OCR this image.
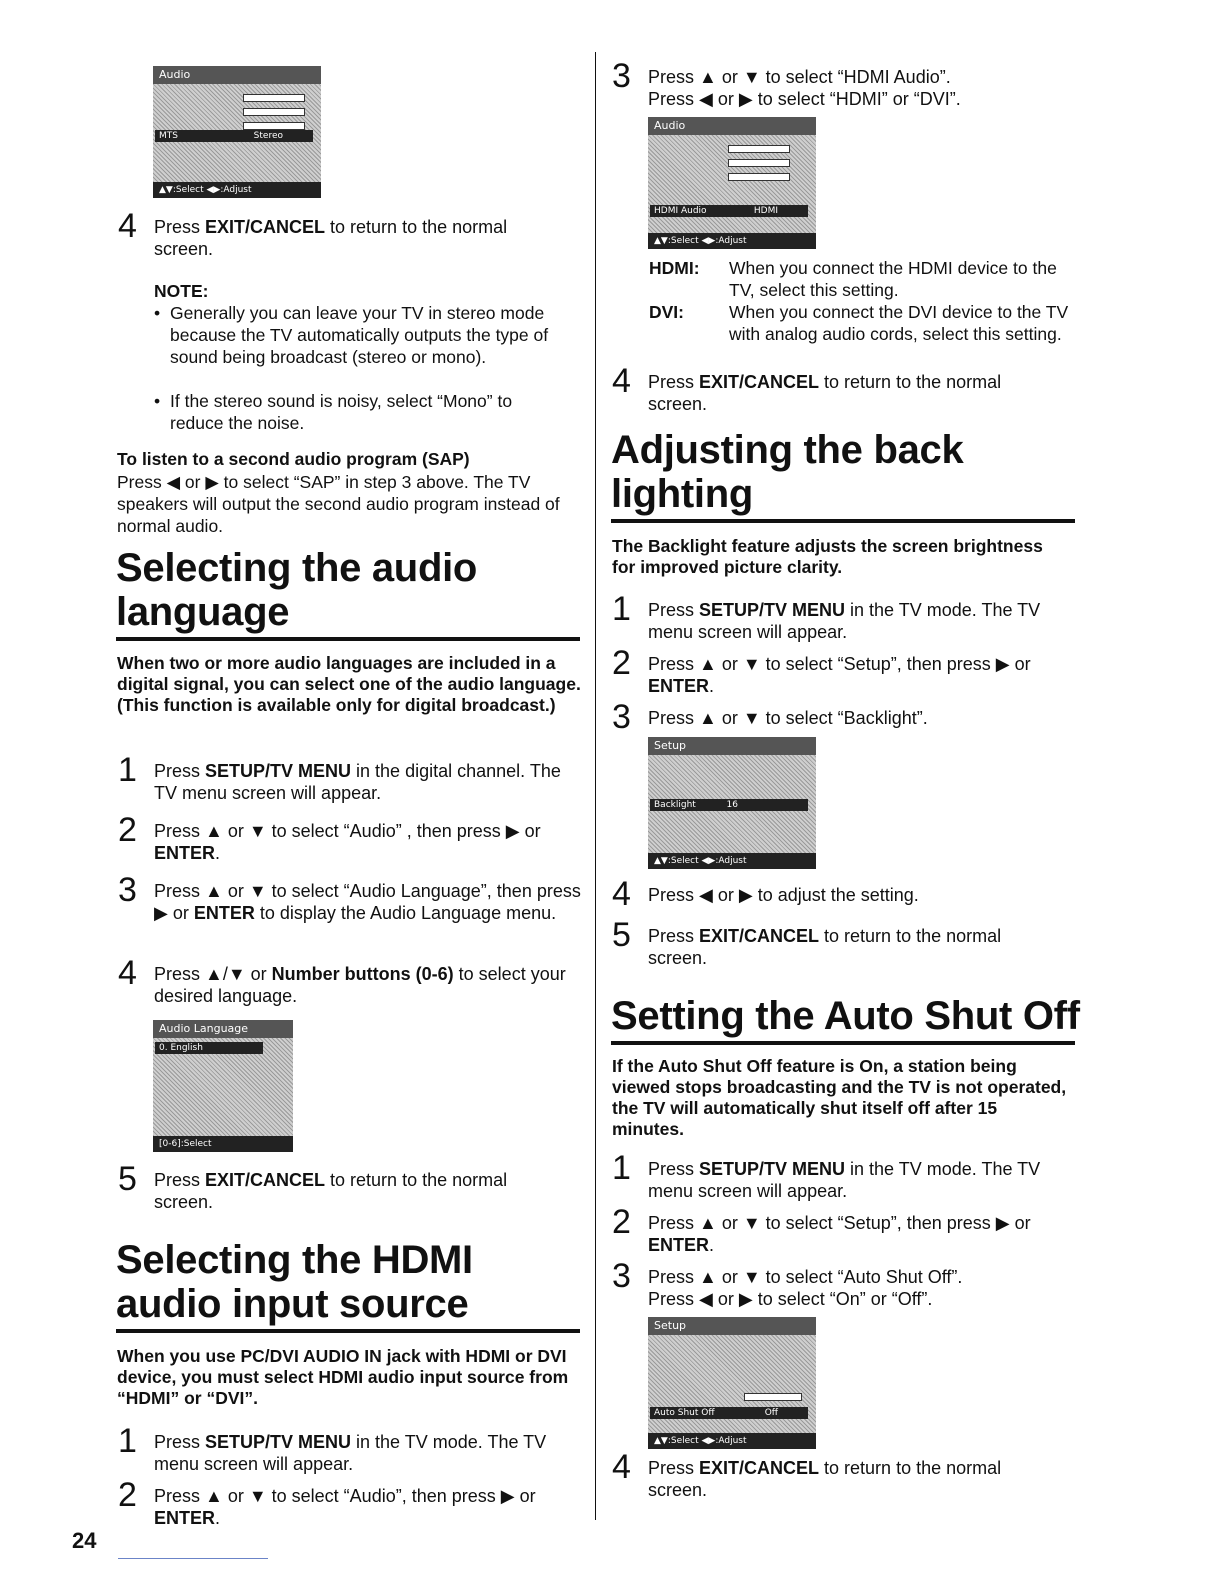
Audio
MTS	Stereo
▲▼:Select ◀▶:Adjust
4 Press EXIT/CANCEL to return to the normal screen.
NOTE:
• Generally you can leave your TV in stereo mode because the TV automatically outputs the type of sound being broadcast (stereo or mono).
• If the stereo sound is noisy, select “Mono” to reduce the noise.
To listen to a second audio program (SAP)
Press ◀ or ▶ to select “SAP” in step 3 above. The TV speakers will output the second audio program instead of normal audio.
Selecting the audio
language
When two or more audio languages are included in a digital signal, you can select one of the audio language. (This function is available only for digital broadcast.)
1 Press SETUP/TV MENU in the digital channel. The TV menu screen will appear.
2 Press ▲ or ▼ to select “Audio” , then press ▶ or ENTER.
3 Press ▲ or ▼ to select “Audio Language”, then press ▶ or ENTER to display the Audio Language menu.
4 Press ▲/▼ or Number buttons (0-6) to select your desired language.
Audio Language
0. English
[0-6]:Select
5 Press EXIT/CANCEL to return to the normal screen.
Selecting the HDMI
audio input source
When you use PC/DVI AUDIO IN jack with HDMI or DVI device, you must select HDMI audio input source from “HDMI” or “DVI”.
1 Press SETUP/TV MENU in the TV mode. The TV menu screen will appear.
2 Press ▲ or ▼ to select “Audio”, then press ▶ or ENTER.
24
3 Press ▲ or ▼ to select “HDMI Audio”.
Press ◀ or ▶ to select “HDMI” or “DVI”.
Audio
HDMI Audio	HDMI
▲▼:Select ◀▶:Adjust
HDMI: When you connect the HDMI device to the TV, select this setting.
DVI:	When you connect the DVI device to the TV with analog audio cords, select this setting.
4 Press EXIT/CANCEL to return to the normal screen.
Adjusting the back
lighting
The Backlight feature adjusts the screen brightness for improved picture clarity.
1 Press SETUP/TV MENU in the TV mode. The TV menu screen will appear.
2 Press ▲ or ▼ to select “Setup”, then press ▶ or ENTER.
3 Press ▲ or ▼ to select “Backlight”.
Setup
Backlight	16
▲▼:Select ◀▶:Adjust
4 Press ◀ or ▶ to adjust the setting.
5 Press EXIT/CANCEL to return to the normal screen.
Setting the Auto Shut Off
If the Auto Shut Off feature is On, a station being viewed stops broadcasting and the TV is not operated, the TV will automatically shut itself off after 15 minutes.
1 Press SETUP/TV MENU in the TV mode. The TV menu screen will appear.
2 Press ▲ or ▼ to select “Setup”, then press ▶ or ENTER.
3 Press ▲ or ▼ to select “Auto Shut Off”.
Press ◀ or ▶ to select “On” or “Off”.
Setup
Auto Shut Off	Off
▲▼:Select ◀▶:Adjust
4 Press EXIT/CANCEL to return to the normal screen.
